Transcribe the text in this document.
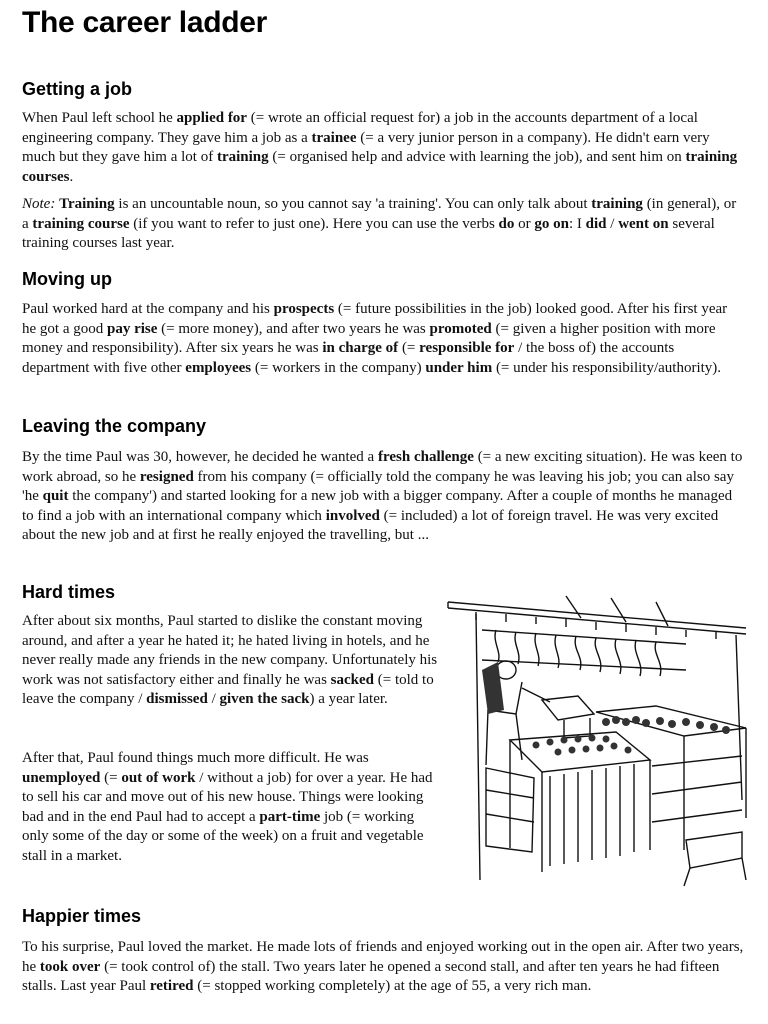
The career ladder
Getting a job

When Paul left school he applied for (= wrote an official request for) a job in the accounts department of a local engineering company. They gave him a job as a trainee (= a very junior person in a company). He didn't earn very much but they gave him a lot of training (= organised help and advice with learning the job), and sent him on training courses.

Note: Training is an uncountable noun, so you cannot say 'a training'. You can only talk about training (in general), or a training course (if you want to refer to just one). Here you can use the verbs do or go on: I did / went on several training courses last year.

Moving up

Paul worked hard at the company and his prospects (= future possibilities in the job) looked good. After his first year he got a good pay rise (= more money), and after two years he was promoted (= given a higher position with more money and responsibility). After six years he was in charge of (= responsible for / the boss of) the accounts department with five other employees (= workers in the company) under him (= under his responsibility/authority).

Leaving the company

By the time Paul was 30, however, he decided he wanted a fresh challenge (= a new exciting situation). He was keen to work abroad, so he resigned from his company (= officially told the company he was leaving his job; you can also say 'he quit the company') and started looking for a new job with a bigger company. After a couple of months he managed to find a job with an international company which involved (= included) a lot of foreign travel. He was very excited about the new job and at first he really enjoyed the travelling, but ...

Hard times

After about six months, Paul started to dislike the constant moving around, and after a year he hated it; he hated living in hotels, and he never really made any friends in the new company. Unfortunately his work was not satisfactory either and finally he was sacked (= told to leave the company / dismissed / given the sack) a year later.

After that, Paul found things much more difficult. He was unemployed (= out of work / without a job) for over a year. He had to sell his car and move out of his new house. Things were looking bad and in the end Paul had to accept a part-time job (= working only some of the day or some of the week) on a fruit and vegetable stall in a market.

Happier times

To his surprise, Paul loved the market. He made lots of friends and enjoyed working out in the open air. After two years, he took over (= took control of) the stall. Two years later he opened a second stall, and after ten years he had fifteen stalls. Last year Paul retired (= stopped working completely) at the age of 55, a very rich man.
